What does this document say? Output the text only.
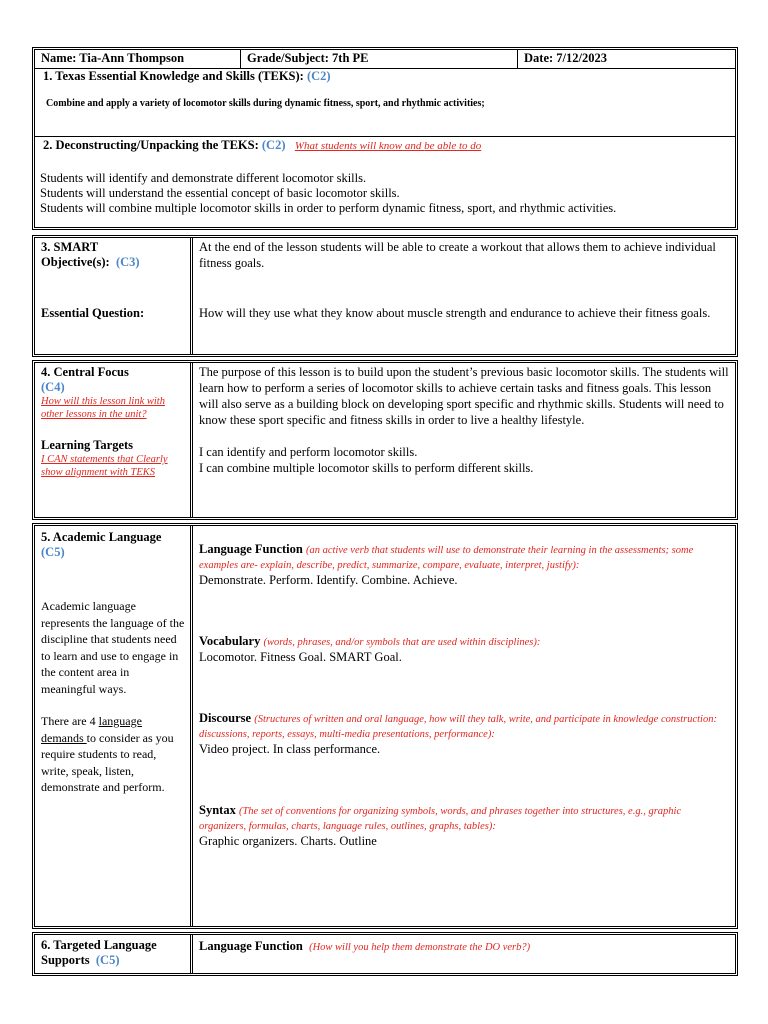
Name: Tia-Ann Thompson	Grade/Subject: 7th PE	Date: 7/12/2023
1. Texas Essential Knowledge and Skills (TEKS): (C2)
Combine and apply a variety of locomotor skills during dynamic fitness, sport, and rhythmic activities;
2. Deconstructing/Unpacking the TEKS: (C2) What students will know and be able to do

Students will identify and demonstrate different locomotor skills.

Students will understand the essential concept of basic locomotor skills.

Students will combine multiple locomotor skills in order to perform dynamic fitness, sport, and rhythmic activities.

3. SMART

Objective(s): (C3)

Essential Question:

At the end of the lesson students will be able to create a workout that allows them to achieve individual fitness goals.

How will they use what they know about muscle strength and endurance to achieve their fitness goals.

4. Central Focus

(C4)

How will this lesson link with other lessons in the unit?

Learning Targets

I CAN statements that Clearly show alignment with TEKS

The purpose of this lesson is to build upon the student’s previous basic locomotor skills. The students will learn how to perform a series of locomotor skills to achieve certain tasks and fitness goals. This lesson will also serve as a building block on developing sport specific and rhythmic skills. Students will need to know these sport specific and fitness skills in order to live a healthy lifestyle.

I can identify and perform locomotor skills.

I can combine multiple locomotor skills to perform different skills.

5. Academic Language

(C5)

Academic language represents the language of the discipline that students need to learn and use to engage in the content area in meaningful ways.

There are 4 language demands to consider as you require students to read, write, speak, listen, demonstrate and perform.

Language Function (an active verb that students will use to demonstrate their learning in the assessments; some examples are- explain, describe, predict, summarize, compare, evaluate, interpret, justify):

Demonstrate. Perform. Identify. Combine. Achieve.

Vocabulary (words, phrases, and/or symbols that are used within disciplines):

Locomotor. Fitness Goal. SMART Goal.

Discourse (Structures of written and oral language, how will they talk, write, and participate in knowledge construction: discussions, reports, essays, multi-media presentations, performance):

Video project. In class performance.

Syntax (The set of conventions for organizing symbols, words, and phrases together into structures, e.g., graphic organizers, formulas, charts, language rules, outlines, graphs, tables):

Graphic organizers. Charts. Outline

6. Targeted Language Supports (C5)

Language Function (How will you help them demonstrate the DO verb?)
